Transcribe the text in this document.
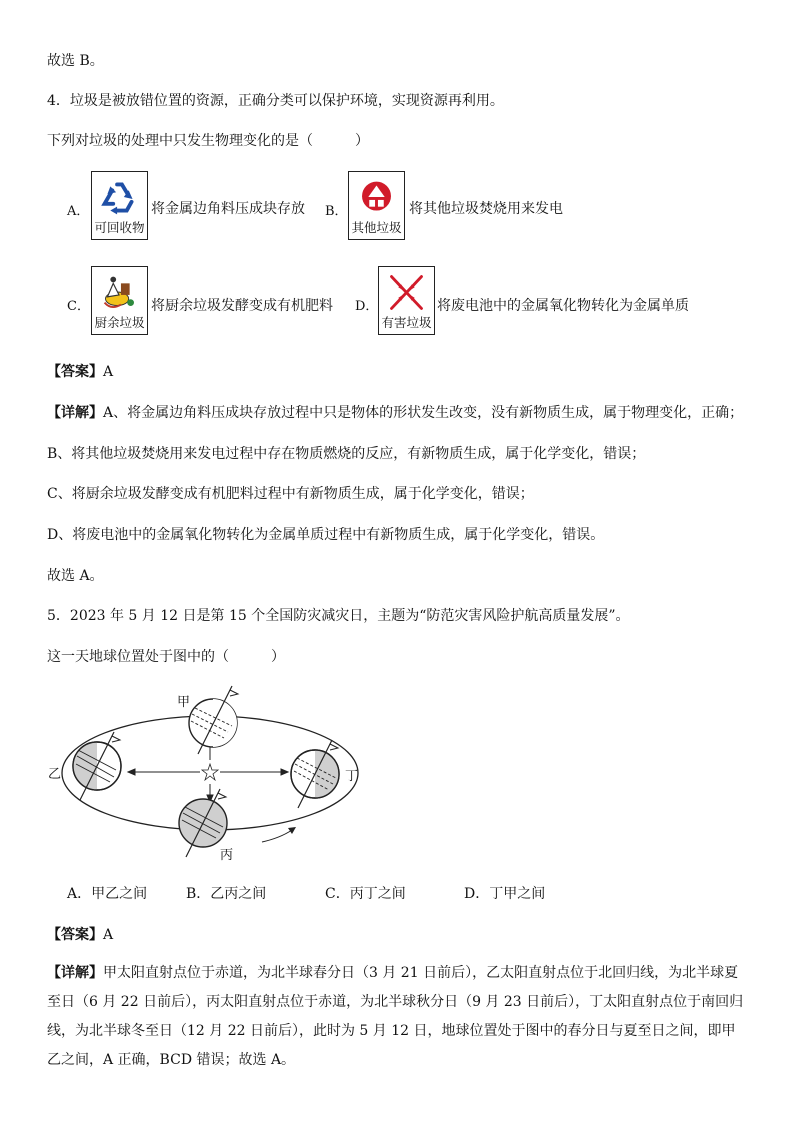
故选 B。
4．垃圾是被放错位置的资源，正确分类可以保护环境，实现资源再利用。
下列对垃圾的处理中只发生物理变化的是（　　　）
A．
可回收物
将金属边角料压成块存放 B．
其他垃圾
将其他垃圾焚烧用来发电
C．
厨余垃圾
将厨余垃圾发酵变成有机肥料 D．
有害垃圾
将废电池中的金属氧化物转化为金属单质
【答案】A
【详解】A、将金属边角料压成块存放过程中只是物体的形状发生改变，没有新物质生成，属于物理变化，正确；
B、将其他垃圾焚烧用来发电过程中存在物质燃烧的反应，有新物质生成，属于化学变化，错误；
C、将厨余垃圾发酵变成有机肥料过程中有新物质生成，属于化学变化，错误；
D、将废电池中的金属氧化物转化为金属单质过程中有新物质生成，属于化学变化，错误。
故选 A。
5．2023 年 5 月 12 日是第 15 个全国防灾减灾日，主题为“防范灾害风险护航高质量发展”。
这一天地球位置处于图中的（　　　）
甲
乙	丁
丙
A．甲乙之间	B．乙丙之间	C．丙丁之间	D．丁甲之间
【答案】A
【详解】甲太阳直射点位于赤道，为北半球春分日（3 月 21 日前后），乙太阳直射点位于北回归线，为北半球夏至日（6 月 22 日前后），丙太阳直射点位于赤道，为北半球秋分日（9 月 23 日前后），丁太阳直射点位于南回归线，为北半球冬至日（12 月 22 日前后），此时为 5 月 12 日，地球位置处于图中的春分日与夏至日之间，即甲乙之间，A 正确，BCD 错误；故选 A。
